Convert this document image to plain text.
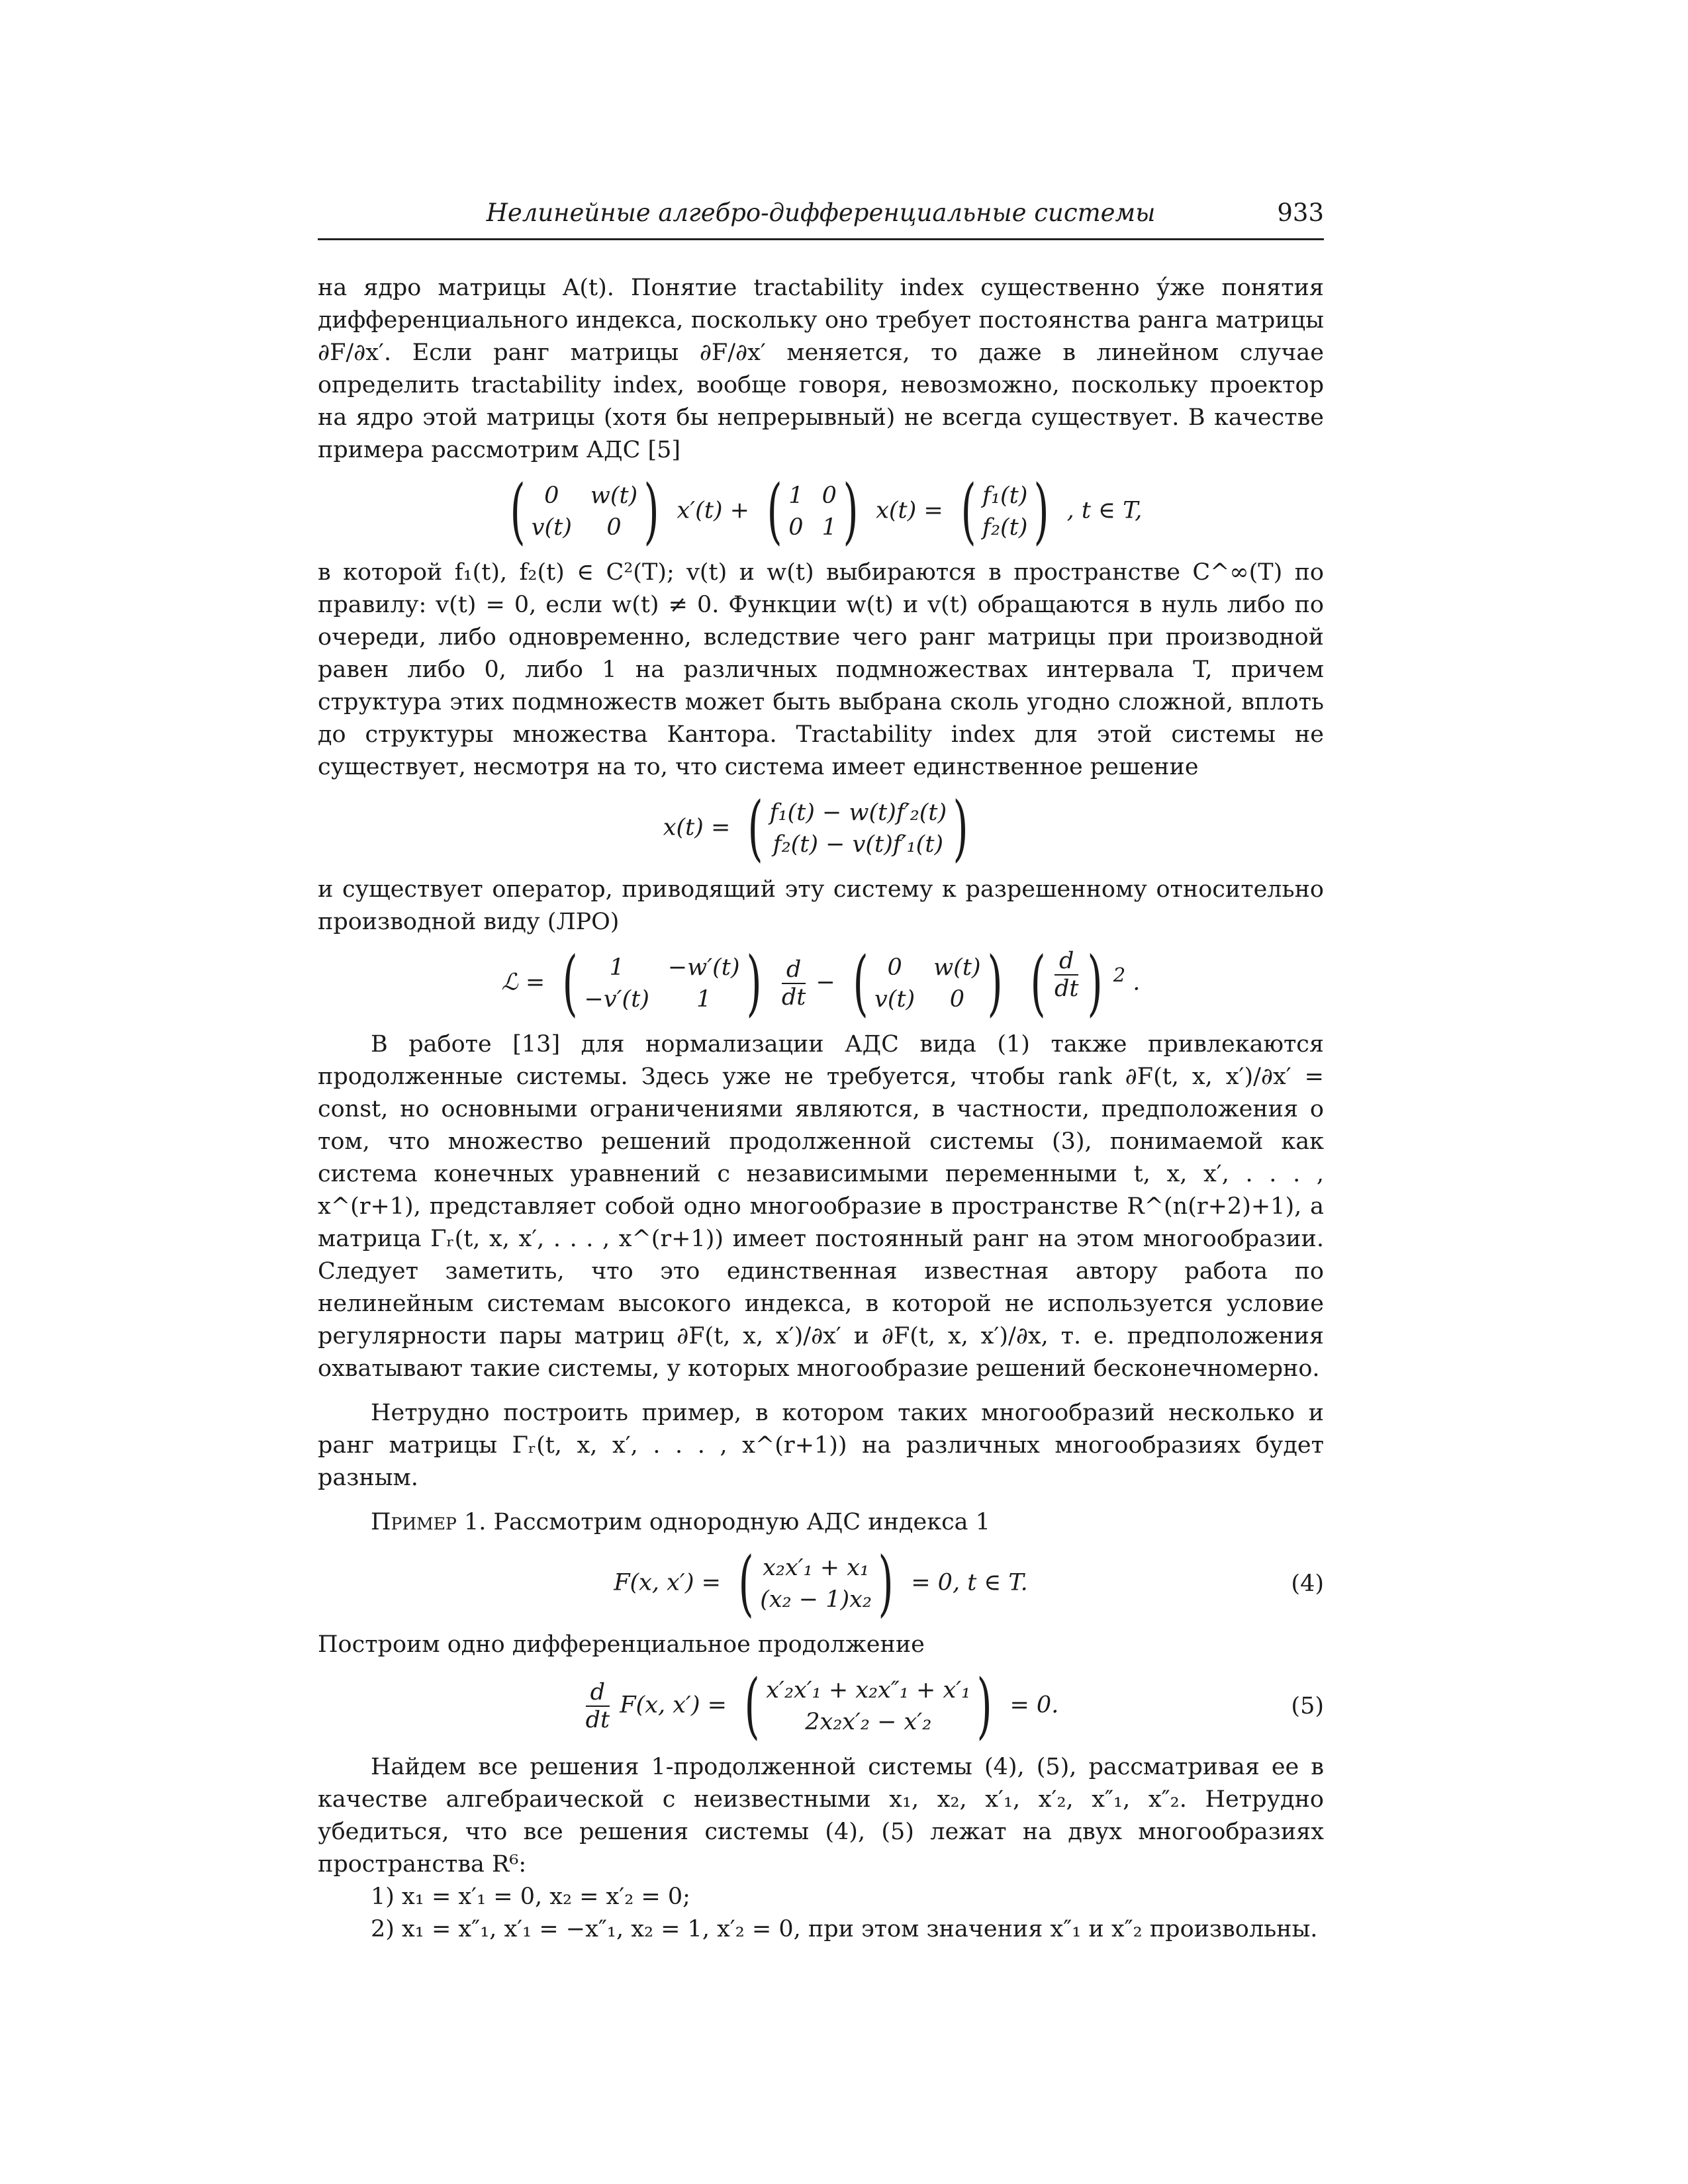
Нелинейные алгебро-дифференциальные системы	933

на ядро матрицы A(t). Понятие tractability index существенно у́же понятия дифференциального индекса, поскольку оно требует постоянства ранга матрицы ∂F/∂x′. Если ранг матрицы ∂F/∂x′ меняется, то даже в линейном случае определить tractability index, вообще говоря, невозможно, поскольку проектор на ядро этой матрицы (хотя бы непрерывный) не всегда существует. В качестве примера рассмотрим АДС [5]

( 0	w(t)
v(t)	0 ) x′(t) + ( 1 0
0 1 ) x(t) = ( f₁(t)
f₂(t) ) , t ∈ T,

в которой f₁(t), f₂(t) ∈ C²(T); v(t) и w(t) выбираются в пространстве C^∞(T) по правилу: v(t) = 0, если w(t) ≠ 0. Функции w(t) и v(t) обращаются в нуль либо по очереди, либо одновременно, вследствие чего ранг матрицы при производной равен либо 0, либо 1 на различных подмножествах интервала T, причем структура этих подмножеств может быть выбрана сколь угодно сложной, вплоть до структуры множества Кантора. Tractability index для этой системы не существует, несмотря на то, что система имеет единственное решение

x(t) = ( f₁(t) − w(t)f′₂(t)
f₂(t) − v(t)f′₁(t) )

и существует оператор, приводящий эту систему к разрешенному относительно производной виду (ЛРО)

ℒ = (	1	−w′(t)
−v′(t)	1 )
$\frac{d}{dt}$ − ( 0	w(t)
v(t)	0 )
( $\frac{d}{dt}$ ) $^2$ .

В работе [13] для нормализации АДС вида (1) также привлекаются продолженные системы. Здесь уже не требуется, чтобы rank ∂F(t, x, x′)/∂x′ = const, но основными ограничениями являются, в частности, предположения о том, что множество решений продолженной системы (3), понимаемой как система конечных уравнений с независимыми переменными t, x, x′, . . . , x^(r+1), представляет собой одно многообразие в пространстве R^(n(r+2)+1), а матрица Γᵣ(t, x, x′, . . . , x^(r+1)) имеет постоянный ранг на этом многообразии. Следует заметить, что это единственная известная автору работа по нелинейным системам высокого индекса, в которой не используется условие регулярности пары матриц ∂F(t, x, x′)/∂x′ и ∂F(t, x, x′)/∂x, т. е. предположения охватывают такие системы, у которых многообразие решений бесконечномерно.

Нетрудно построить пример, в котором таких многообразий несколько и ранг матрицы Γᵣ(t, x, x′, . . . , x^(r+1)) на различных многообразиях будет разным.

Пример 1. Рассмотрим однородную АДС индекса 1

F(x, x′) = ( x₂x′₁ + x₁
(x₂ − 1)x₂ ) = 0, t ∈ T.	(4)

Построим одно дифференциальное продолжение

$\frac{d}{dt} F(x$, x′) = ( x′₂x′₁ + x₂x″₁ + x′₁
2x₂x′₂ − x′₂ ) = 0.	(5)

Найдем все решения 1-продолженной системы (4), (5), рассматривая ее в качестве алгебраической с неизвестными x₁, x₂, x′₁, x′₂, x″₁, x″₂. Нетрудно убедиться, что все решения системы (4), (5) лежат на двух многообразиях пространства R⁶:

1) x₁ = x′₁ = 0, x₂ = x′₂ = 0;

2) x₁ = x″₁, x′₁ = −x″₁, x₂ = 1, x′₂ = 0, при этом значения x″₁ и x″₂ произвольны.
